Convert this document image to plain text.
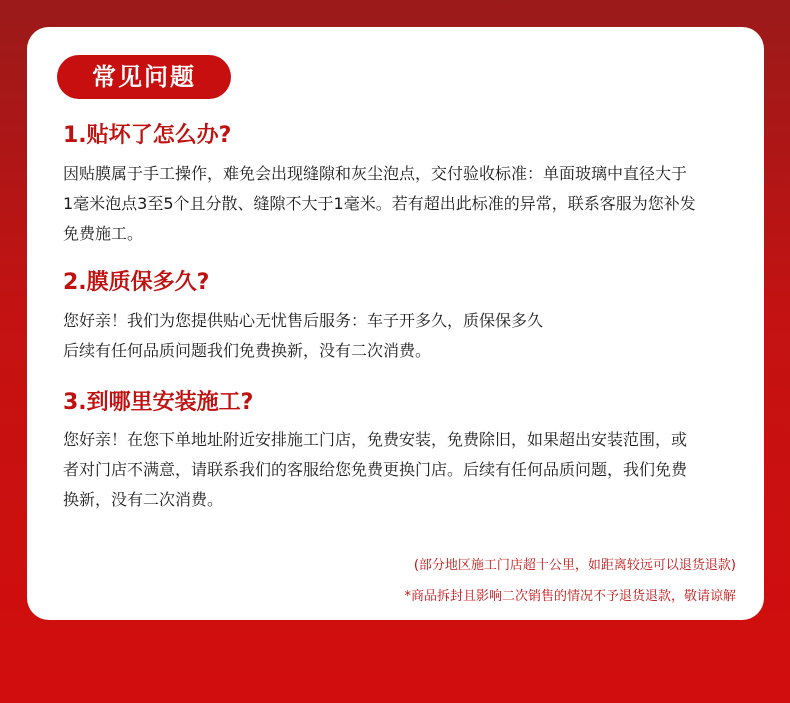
常见问题
1.贴坏了怎么办?
因贴膜属于手工操作，难免会出现缝隙和灰尘泡点，交付验收标准：单面玻璃中直径大于
1毫米泡点3至5个且分散、缝隙不大于1毫米。若有超出此标准的异常，联系客服为您补发
免费施工。
2.膜质保多久?
您好亲！我们为您提供贴心无忧售后服务：车子开多久，质保保多久
后续有任何品质问题我们免费换新，没有二次消费。
3.到哪里安装施工?
您好亲！在您下单地址附近安排施工门店，免费安装，免费除旧，如果超出安装范围，或
者对门店不满意，请联系我们的客服给您免费更换门店。后续有任何品质问题，我们免费
换新，没有二次消费。
(部分地区施工门店超十公里，如距离较远可以退货退款)
*商品拆封且影响二次销售的情况不予退货退款，敬请谅解
